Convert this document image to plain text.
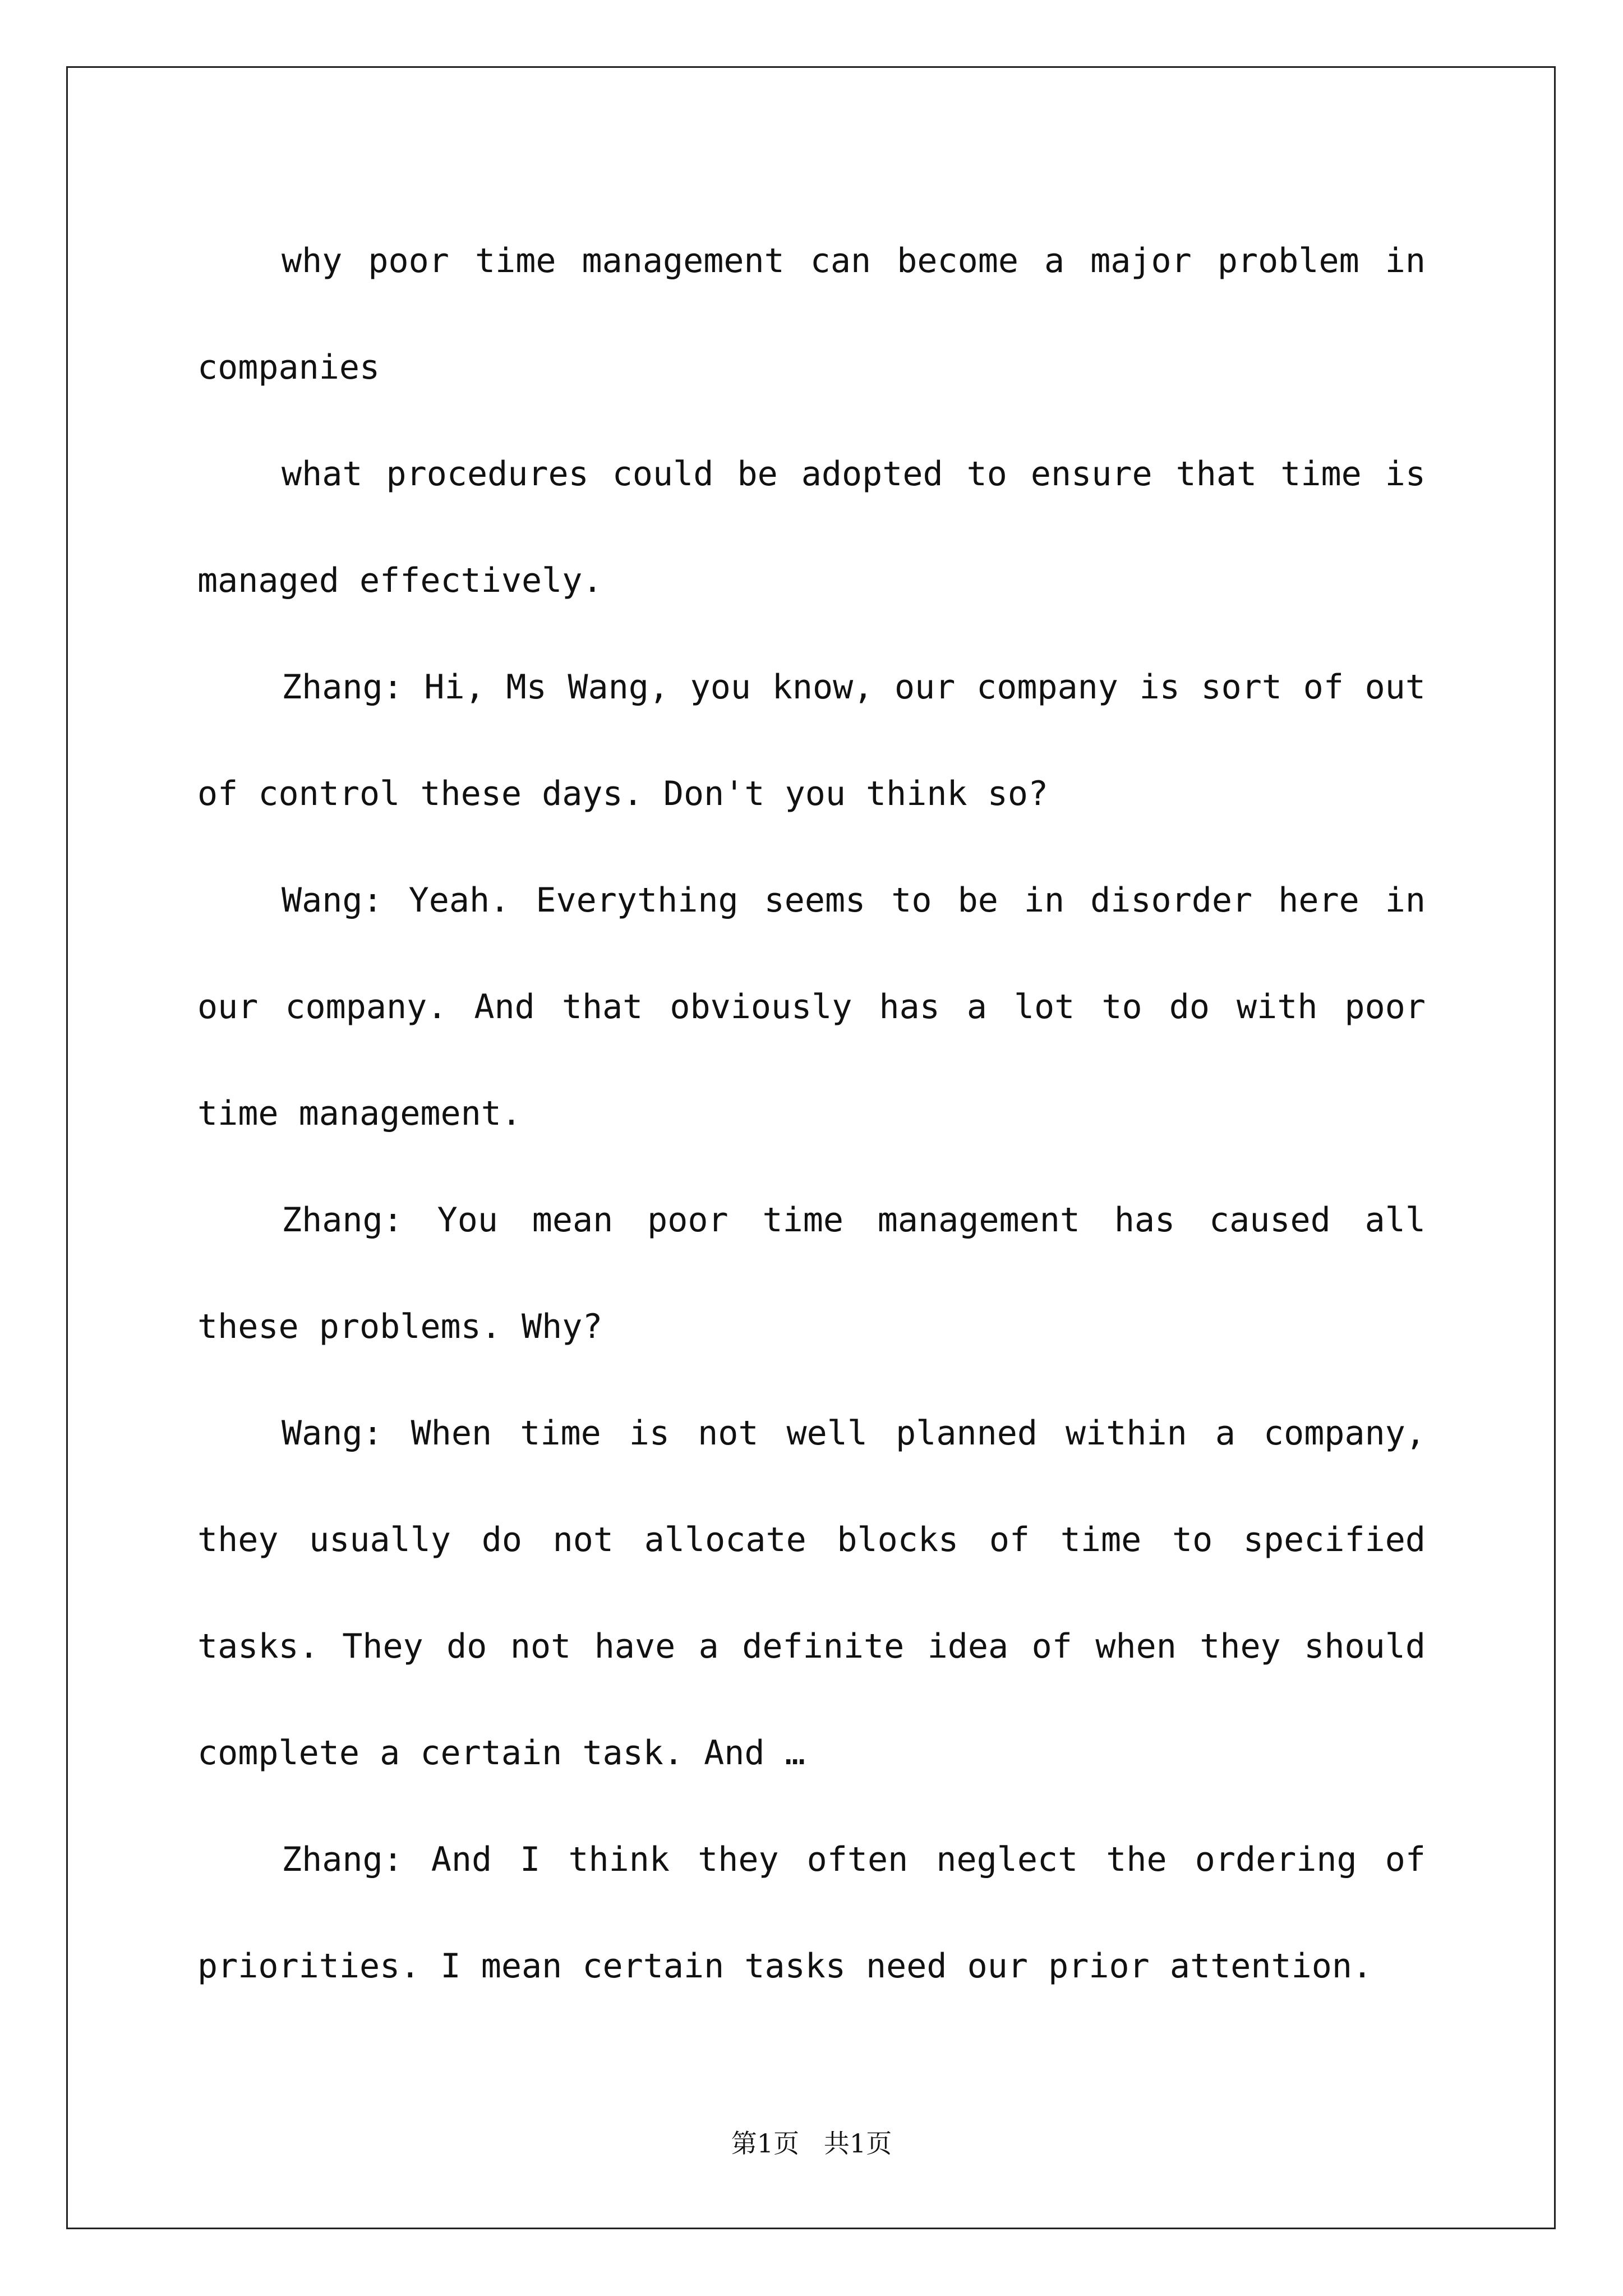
why poor time management can become a major problem in companies

what procedures could be adopted to ensure that time is managed effectively.

Zhang: Hi, Ms Wang, you know, our company is sort of out of control these days. Don't you think so?

Wang: Yeah. Everything seems to be in disorder here in our company. And that obviously has a lot to do with poor time management.

Zhang: You mean poor time management has caused all these problems. Why?

Wang: When time is not well planned within a company, they usually do not allocate blocks of time to specified tasks. They do not have a definite idea of when they should complete a certain task. And …

Zhang: And I think they often neglect the ordering of priorities. I mean certain tasks need our prior attention.

第1页   共1页
